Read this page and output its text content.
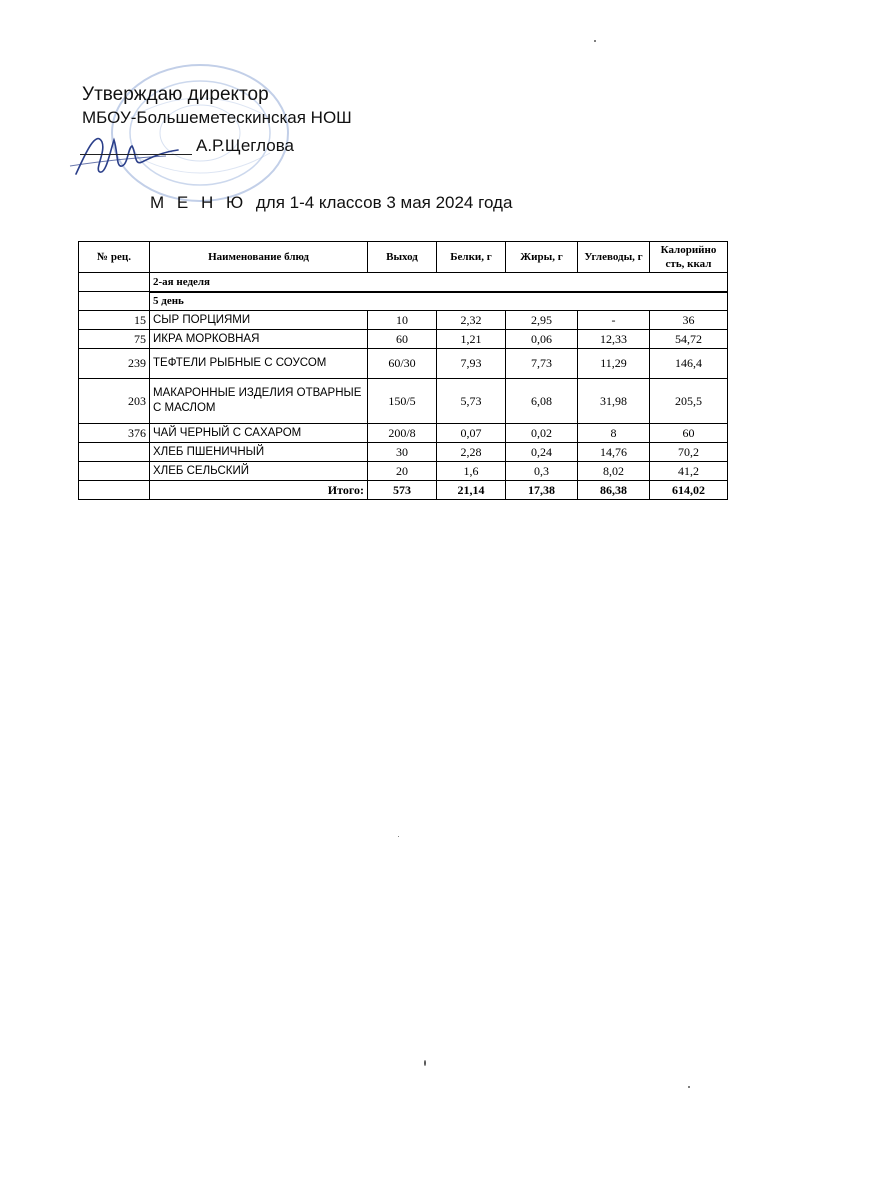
Утверждаю директор
МБОУ-Большеметескинская НОШ
А.Р.Щеглова
М Е Н Ю для 1-4 классов 3 мая 2024 года
№ рец.	Наименование блюд	Выход	Белки, г	Жиры, г	Углеводы, г	Калорийно сть, ккал
	2-ая неделя					
	5 день					
15	СЫР ПОРЦИЯМИ	10	2,32	2,95	-	36
75	ИКРА МОРКОВНАЯ	60	1,21	0,06	12,33	54,72
239	ТЕФТЕЛИ РЫБНЫЕ С СОУСОМ	60/30	7,93	7,73	11,29	146,4
203	МАКАРОННЫЕ ИЗДЕЛИЯ ОТВАРНЫЕ С МАСЛОМ	150/5	5,73	6,08	31,98	205,5
376	ЧАЙ ЧЕРНЫЙ С САХАРОМ	200/8	0,07	0,02	8	60
	ХЛЕБ ПШЕНИЧНЫЙ	30	2,28	0,24	14,76	70,2
	ХЛЕБ СЕЛЬСКИЙ	20	1,6	0,3	8,02	41,2
	Итого:	573	21,14	17,38	86,38	614,02
